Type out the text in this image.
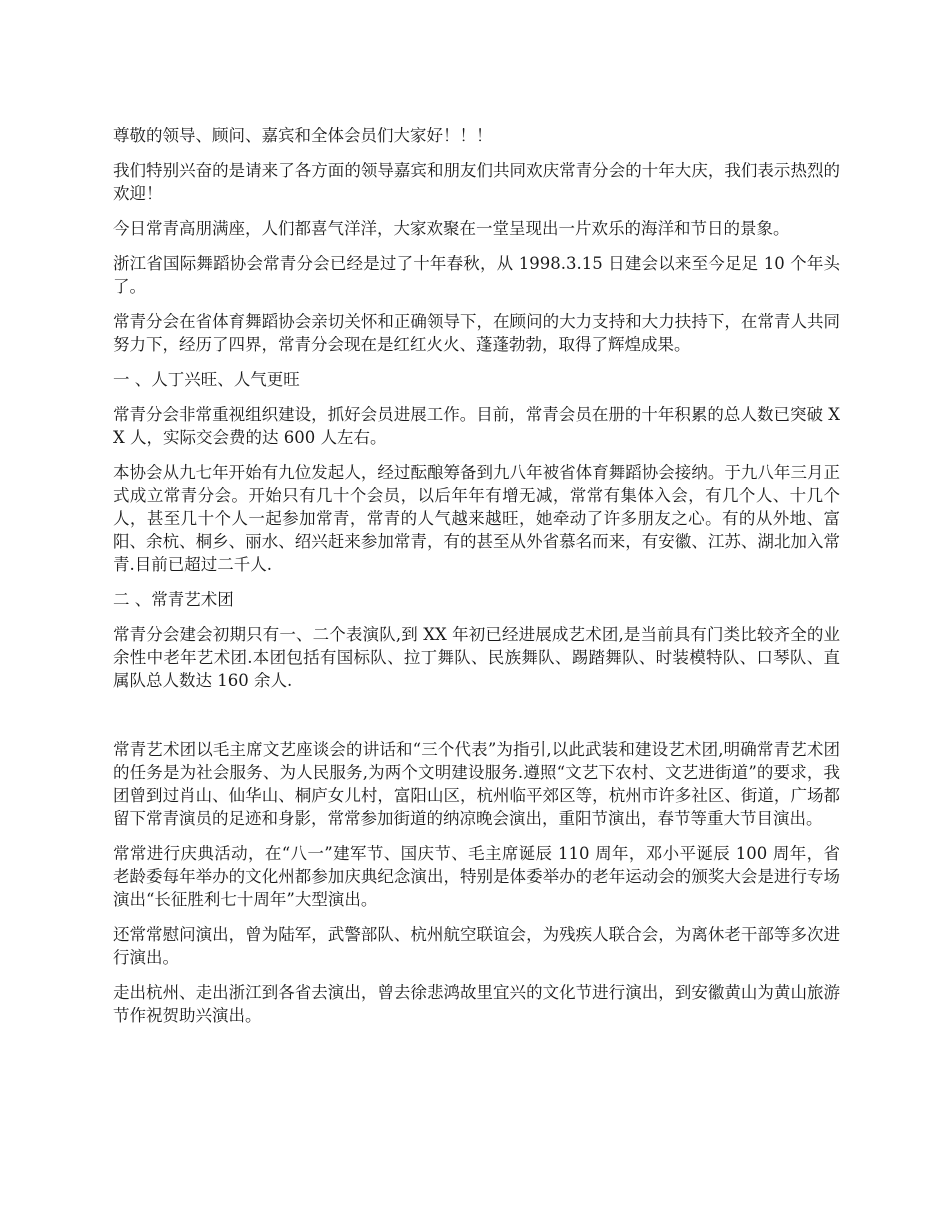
尊敬的领导、顾问、嘉宾和全体会员们大家好！！！

我们特别兴奋的是请来了各方面的领导嘉宾和朋友们共同欢庆常青分会的十年大庆，我们表示热烈的欢迎！

今日常青高朋满座，人们都喜气洋洋，大家欢聚在一堂呈现出一片欢乐的海洋和节日的景象。

浙江省国际舞蹈协会常青分会已经是过了十年春秋，从 1998.3.15 日建会以来至今足足 10 个年头了。

常青分会在省体育舞蹈协会亲切关怀和正确领导下，在顾问的大力支持和大力扶持下，在常青人共同努力下，经历了四界，常青分会现在是红红火火、蓬蓬勃勃，取得了辉煌成果。

一 、人丁兴旺、人气更旺

常青分会非常重视组织建设，抓好会员进展工作。目前，常青会员在册的十年积累的总人数已突破 XX 人，实际交会费的达 600 人左右。

本协会从九七年开始有九位发起人，经过酝酿筹备到九八年被省体育舞蹈协会接纳。于九八年三月正式成立常青分会。开始只有几十个会员，以后年年有增无减，常常有集体入会，有几个人、十几个人，甚至几十个人一起参加常青，常青的人气越来越旺，她牵动了许多朋友之心。有的从外地、富阳、余杭、桐乡、丽水、绍兴赶来参加常青，有的甚至从外省慕名而来，有安徽、江苏、湖北加入常青.目前已超过二千人.

二 、常青艺术团

常青分会建会初期只有一、二个表演队,到 XX 年初已经进展成艺术团,是当前具有门类比较齐全的业余性中老年艺术团.本团包括有国标队、拉丁舞队、民族舞队、踢踏舞队、时装模特队、口琴队、直属队总人数达 160 余人.

常青艺术团以毛主席文艺座谈会的讲话和“三个代表”为指引,以此武装和建设艺术团,明确常青艺术团的任务是为社会服务、为人民服务,为两个文明建设服务.遵照“文艺下农村、文艺进街道”的要求，我团曾到过肖山、仙华山、桐庐女儿村，富阳山区，杭州临平郊区等，杭州市许多社区、街道，广场都留下常青演员的足迹和身影，常常参加街道的纳凉晚会演出，重阳节演出，春节等重大节目演出。

常常进行庆典活动，在“八一”建军节、国庆节、毛主席诞辰 110 周年，邓小平诞辰 100 周年，省老龄委每年举办的文化州都参加庆典纪念演出，特别是体委举办的老年运动会的颁奖大会是进行专场演出“长征胜利七十周年”大型演出。

还常常慰问演出，曾为陆军，武警部队、杭州航空联谊会，为残疾人联合会，为离休老干部等多次进行演出。

走出杭州、走出浙江到各省去演出，曾去徐悲鸿故里宜兴的文化节进行演出，到安徽黄山为黄山旅游节作祝贺助兴演出。
